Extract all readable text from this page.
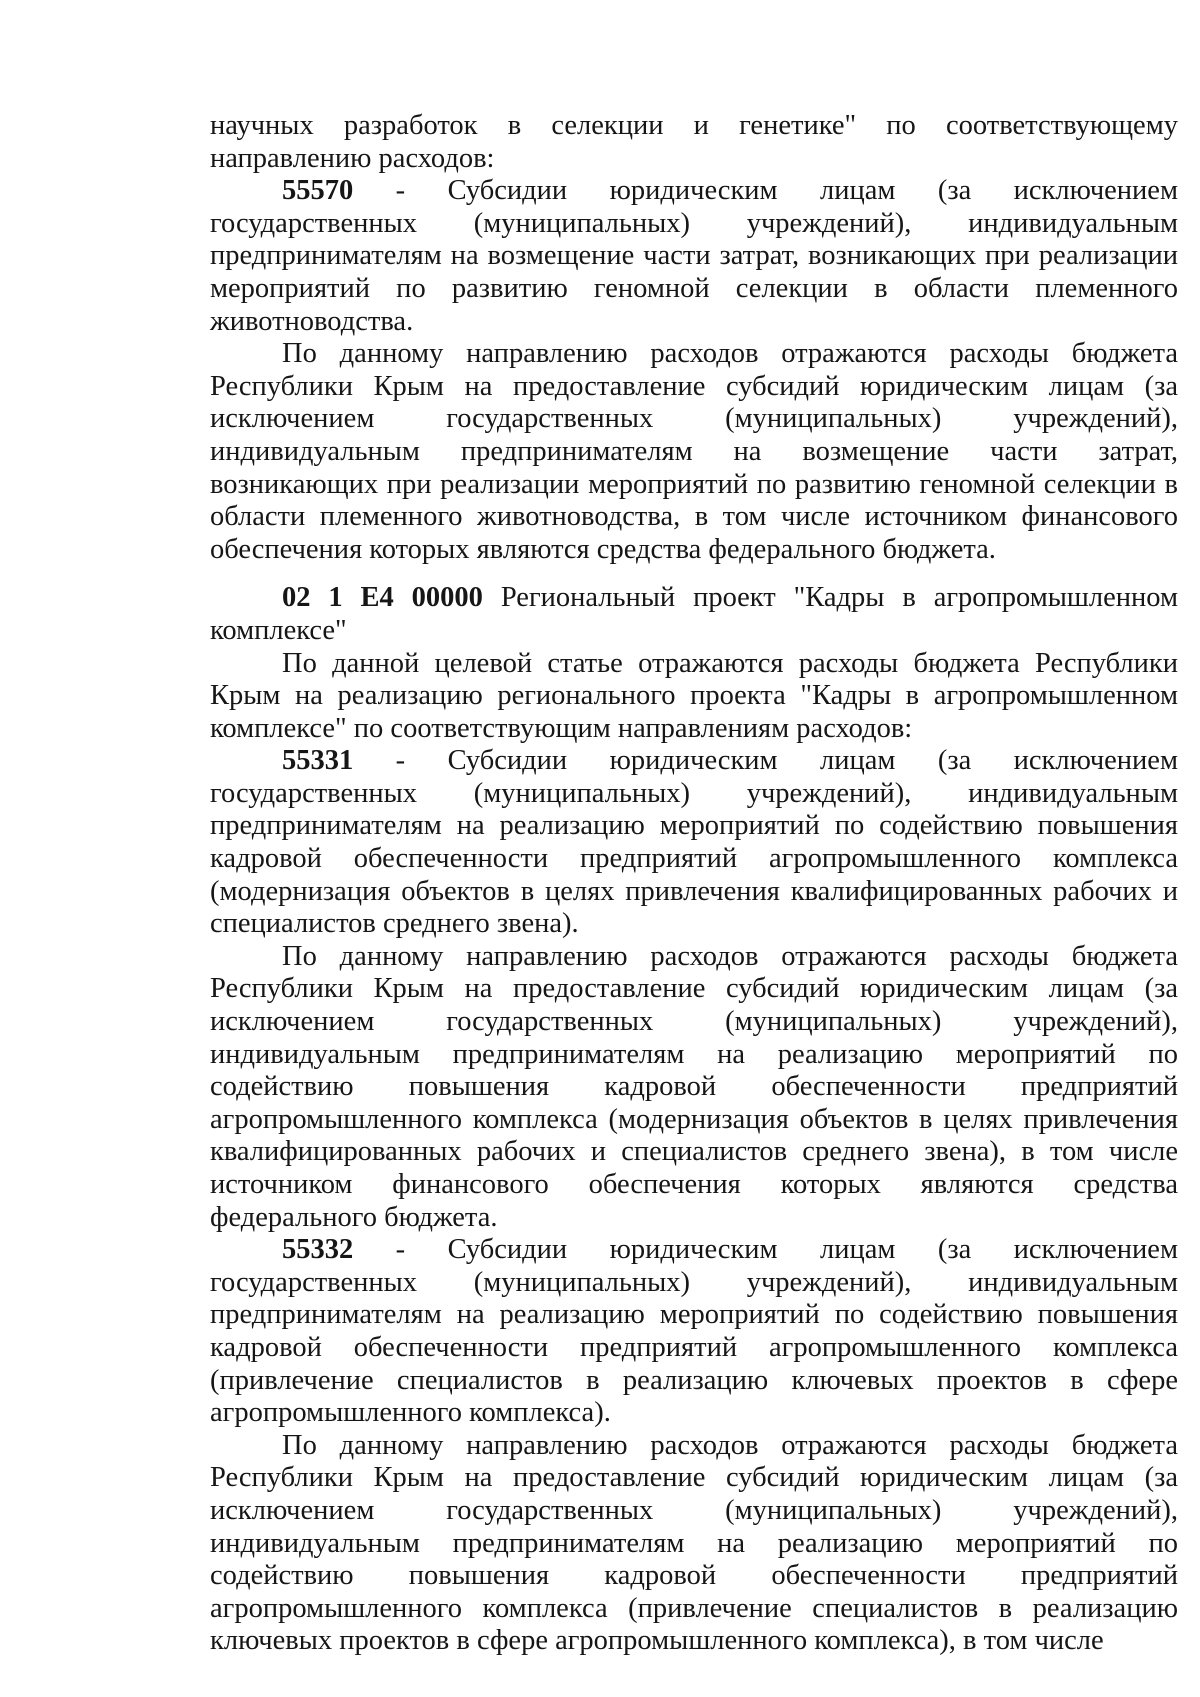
научных разработок в селекции и генетике" по соответствующему направлению расходов:

55570 - Субсидии юридическим лицам (за исключением государственных (муниципальных) учреждений), индивидуальным предпринимателям на возмещение части затрат, возникающих при реализации мероприятий по развитию геномной селекции в области племенного животноводства.

По данному направлению расходов отражаются расходы бюджета Республики Крым на предоставление субсидий юридическим лицам (за исключением государственных (муниципальных) учреждений), индивидуальным предпринимателям на возмещение части затрат, возникающих при реализации мероприятий по развитию геномной селекции в области племенного животноводства, в том числе источником финансового обеспечения которых являются средства федерального бюджета.

02 1 Е4 00000 Региональный проект "Кадры в агропромышленном комплексе"

По данной целевой статье отражаются расходы бюджета Республики Крым на реализацию регионального проекта "Кадры в агропромышленном комплексе" по соответствующим направлениям расходов:

55331 - Субсидии юридическим лицам (за исключением государственных (муниципальных) учреждений), индивидуальным предпринимателям на реализацию мероприятий по содействию повышения кадровой обеспеченности предприятий агропромышленного комплекса (модернизация объектов в целях привлечения квалифицированных рабочих и специалистов среднего звена).

По данному направлению расходов отражаются расходы бюджета Республики Крым на предоставление субсидий юридическим лицам (за исключением государственных (муниципальных) учреждений), индивидуальным предпринимателям на реализацию мероприятий по содействию повышения кадровой обеспеченности предприятий агропромышленного комплекса (модернизация объектов в целях привлечения квалифицированных рабочих и специалистов среднего звена), в том числе источником финансового обеспечения которых являются средства федерального бюджета.

55332 - Субсидии юридическим лицам (за исключением государственных (муниципальных) учреждений), индивидуальным предпринимателям на реализацию мероприятий по содействию повышения кадровой обеспеченности предприятий агропромышленного комплекса (привлечение специалистов в реализацию ключевых проектов в сфере агропромышленного комплекса).

По данному направлению расходов отражаются расходы бюджета Республики Крым на предоставление субсидий юридическим лицам (за исключением государственных (муниципальных) учреждений), индивидуальным предпринимателям на реализацию мероприятий по содействию повышения кадровой обеспеченности предприятий агропромышленного комплекса (привлечение специалистов в реализацию ключевых проектов в сфере агропромышленного комплекса), в том числе
